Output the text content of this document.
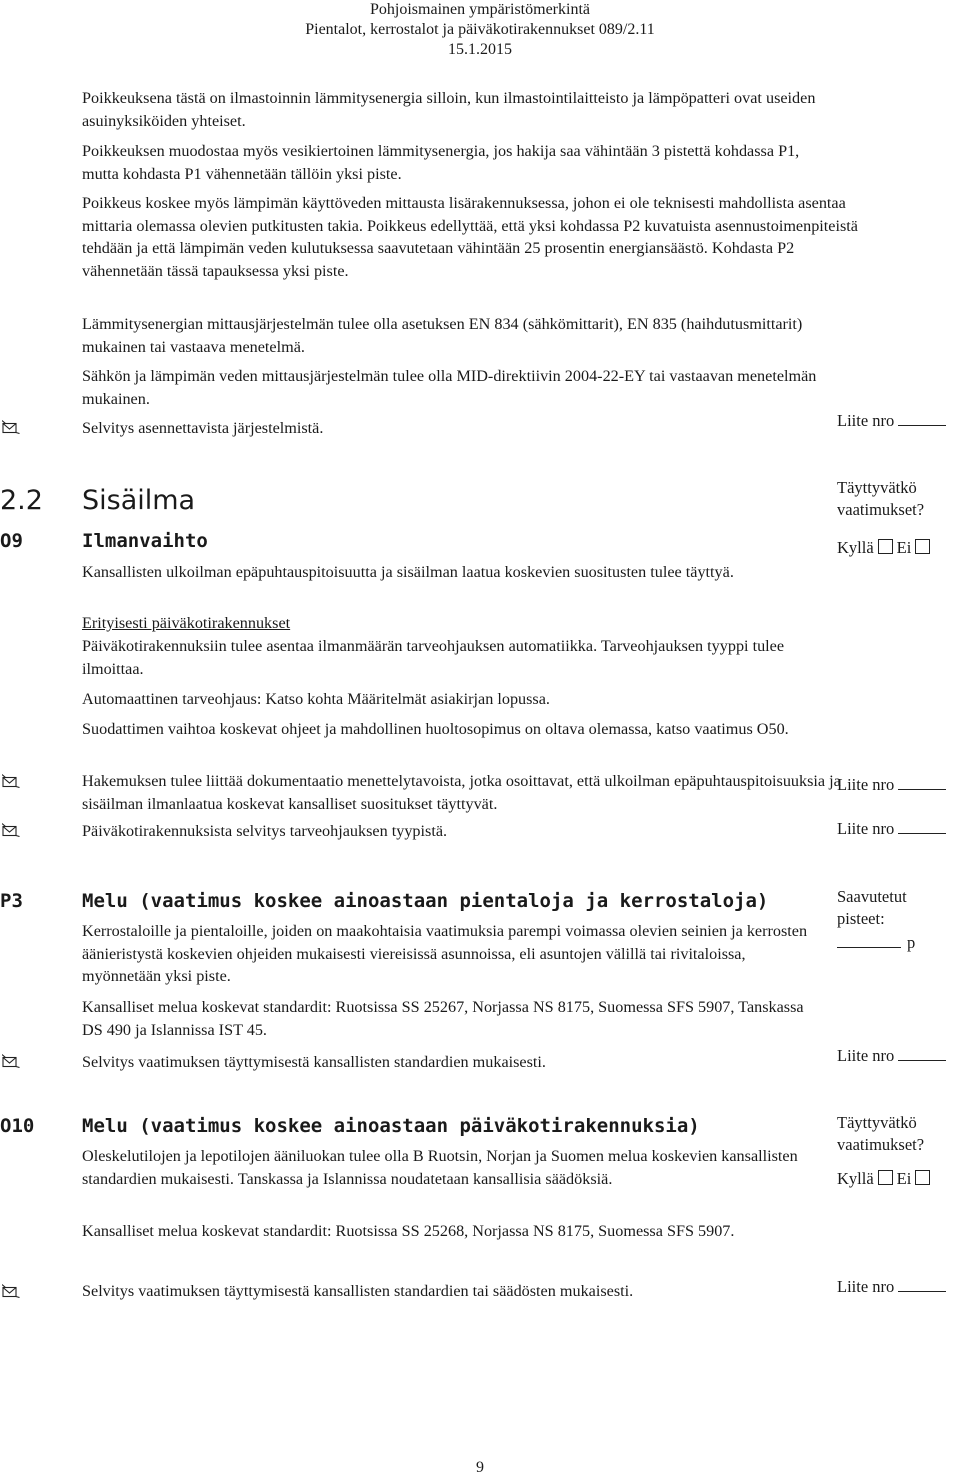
Pohjoismainen ympäristömerkintä
Pientalot, kerrostalot ja päiväkotirakennukset 089/2.11
15.1.2015

Poikkeuksena tästä on ilmastoinnin lämmitysenergia silloin, kun ilmastointilaitteisto ja lämpöpatteri ovat useiden asuinyksiköiden yhteiset.

Poikkeuksen muodostaa myös vesikiertoinen lämmitysenergia, jos hakija saa vähintään 3 pistettä kohdassa P1, mutta kohdasta P1 vähennetään tällöin yksi piste.

Poikkeus koskee myös lämpimän käyttöveden mittausta lisärakennuksessa, johon ei ole teknisesti mahdollista asentaa mittaria olemassa olevien putkitusten takia. Poikkeus edellyttää, että yksi kohdassa P2 kuvatuista asennustoimenpiteistä tehdään ja että lämpimän veden kulutuksessa saavutetaan vähintään 25 prosentin energiansäästö. Kohdasta P2 vähennetään tässä tapauksessa yksi piste.

Lämmitysenergian mittausjärjestelmän tulee olla asetuksen EN 834 (sähkömittarit), EN 835 (haihdutusmittarit) mukainen tai vastaava menetelmä.

Sähkön ja lämpimän veden mittausjärjestelmän tulee olla MID-direktiivin 2004-22-EY tai vastaavan menetelmän mukainen.

Selvitys asennettavista järjestelmistä.	Liite nro
2.2 Sisäilma	Täyttyvätkö
vaatimukset?
O9	Ilmanvaihto	Kyllä Ei

Kansallisten ulkoilman epäpuhtauspitoisuutta ja sisäilman laatua koskevien suositusten tulee täyttyä.

Erityisesti päiväkotirakennukset

Päiväkotirakennuksiin tulee asentaa ilmanmäärän tarveohjauksen automatiikka. Tarveohjauksen tyyppi tulee ilmoittaa.

Automaattinen tarveohjaus: Katso kohta Määritelmät asiakirjan lopussa.

Suodattimen vaihtoa koskevat ohjeet ja mahdollinen huoltosopimus on oltava olemassa, katso vaatimus O50.

Hakemuksen tulee liittää dokumentaatio menettelytavoista, jotka osoittavat, että ulkoilman epäpuhtauspitoisuuksia ja sisäilman ilmanlaatua koskevat kansalliset suositukset täyttyvät.

Liite nro

Päiväkotirakennuksista selvitys tarveohjauksen tyypistä.	Liite nro
P3	Melu (vaatimus koskee ainoastaan pientaloja ja kerrostaloja)	Saavutetut
pisteet:
p

Kerrostaloille ja pientaloille, joiden on maakohtaisia vaatimuksia parempi voimassa olevien seinien ja kerrosten äänieristystä koskevien ohjeiden mukaisesti viereisissä asunnoissa, eli asuntojen välillä tai rivitaloissa, myönnetään yksi piste.

Kansalliset melua koskevat standardit: Ruotsissa SS 25267, Norjassa NS 8175, Suomessa SFS 5907, Tanskassa DS 490 ja Islannissa IST 45.

Selvitys vaatimuksen täyttymisestä kansallisten standardien mukaisesti.	Liite nro
O10	Melu (vaatimus koskee ainoastaan päiväkotirakennuksia)	Täyttyvätkö
vaatimukset?
Kyllä Ei

Oleskelutilojen ja lepotilojen ääniluokan tulee olla B Ruotsin, Norjan ja Suomen melua koskevien kansallisten standardien mukaisesti. Tanskassa ja Islannissa noudatetaan kansallisia säädöksiä.

Kansalliset melua koskevat standardit: Ruotsissa SS 25268, Norjassa NS 8175, Suomessa SFS 5907.

Selvitys vaatimuksen täyttymisestä kansallisten standardien tai säädösten mukaisesti.	Liite nro
9
